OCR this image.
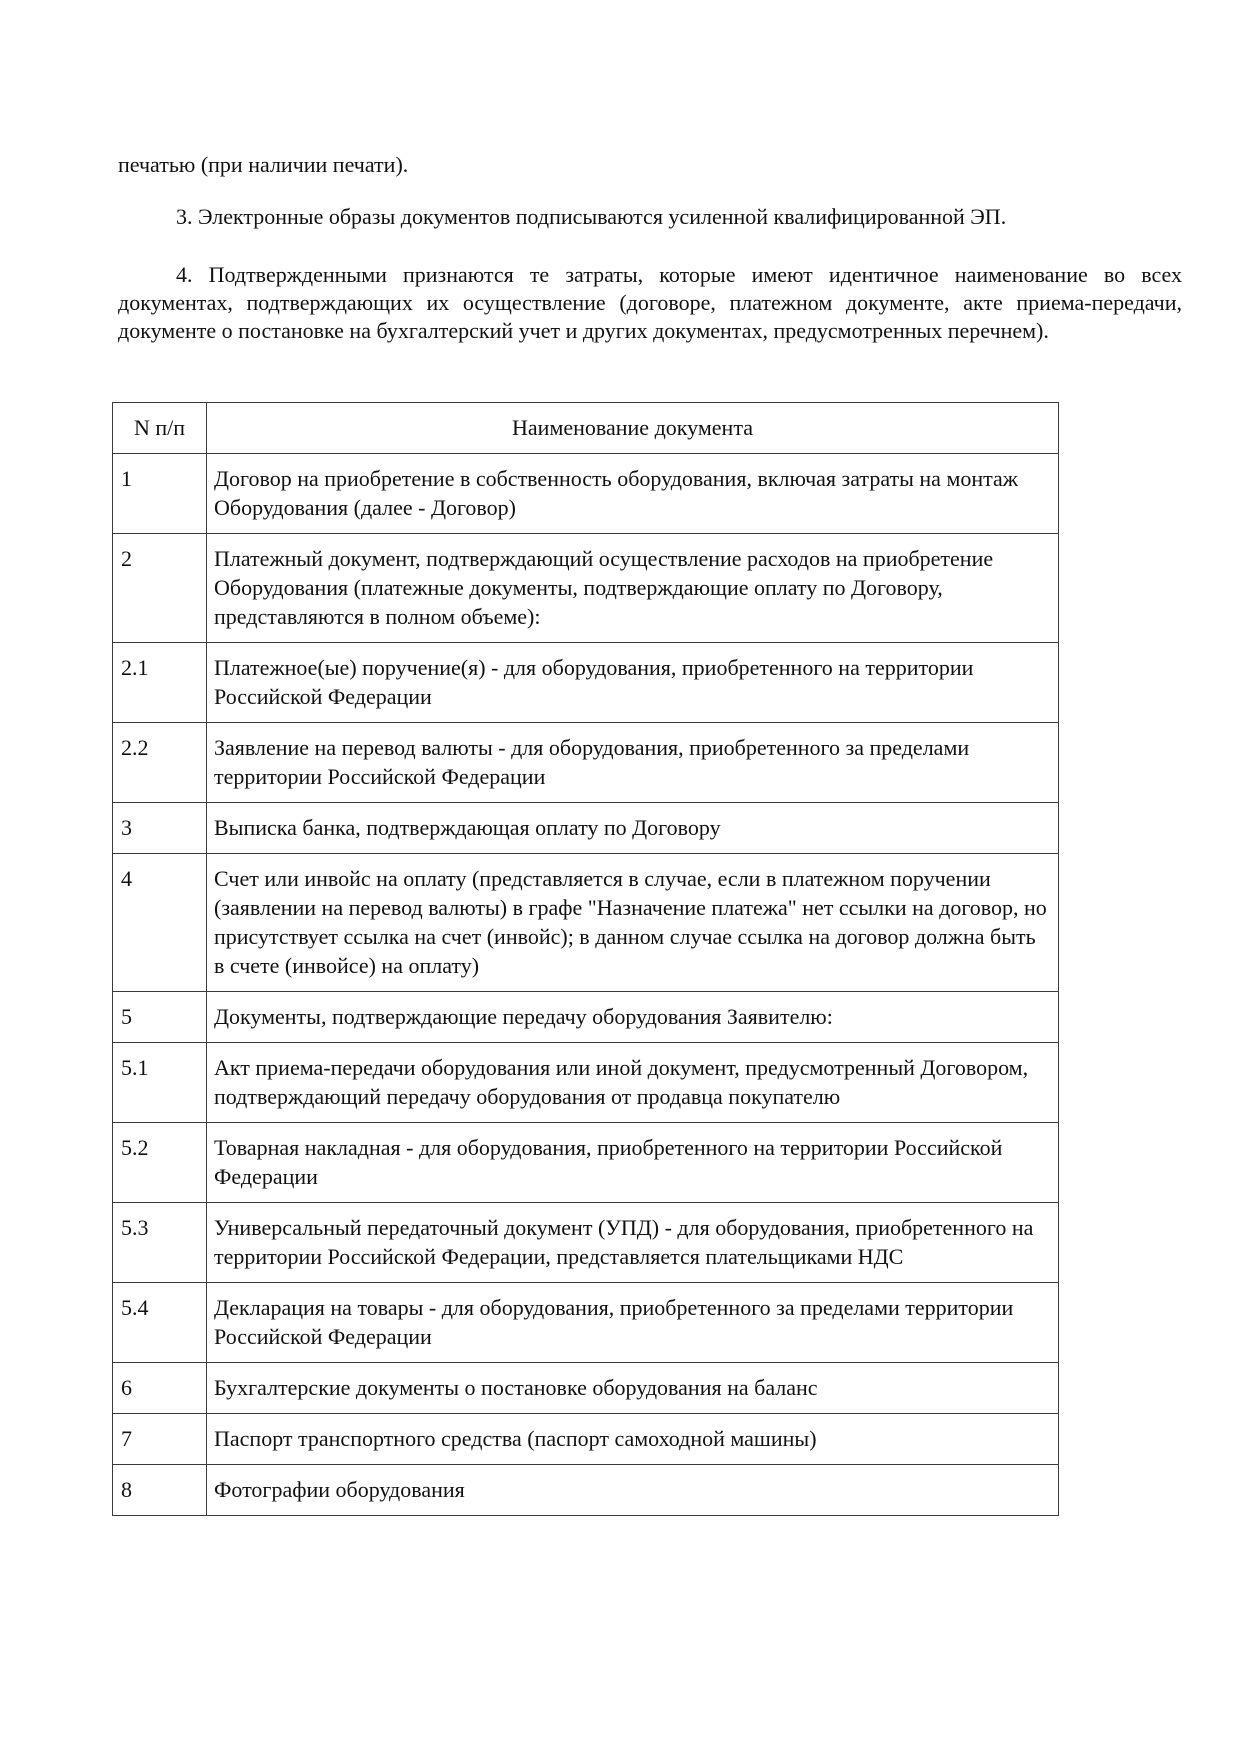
печатью (при наличии печати).

3. Электронные образы документов подписываются усиленной квалифицированной ЭП.

4. Подтвержденными признаются те затраты, которые имеют идентичное наименование во всех документах, подтверждающих их осуществление (договоре, платежном документе, акте приема-передачи, документе о постановке на бухгалтерский учет и других документах, предусмотренных перечнем).

N п/п	Наименование документа
1	Договор на приобретение в собственность оборудования, включая затраты на монтаж Оборудования (далее - Договор)
2	Платежный документ, подтверждающий осуществление расходов на приобретение Оборудования (платежные документы, подтверждающие оплату по Договору, представляются в полном объеме):
2.1	Платежное(ые) поручение(я) - для оборудования, приобретенного на территории Российской Федерации
2.2	Заявление на перевод валюты - для оборудования, приобретенного за пределами территории Российской Федерации
3	Выписка банка, подтверждающая оплату по Договору
4	Счет или инвойс на оплату (представляется в случае, если в платежном поручении (заявлении на перевод валюты) в графе "Назначение платежа" нет ссылки на договор, но присутствует ссылка на счет (инвойс); в данном случае ссылка на договор должна быть в счете (инвойсе) на оплату)
5	Документы, подтверждающие передачу оборудования Заявителю:
5.1	Акт приема-передачи оборудования или иной документ, предусмотренный Договором, подтверждающий передачу оборудования от продавца покупателю
5.2	Товарная накладная - для оборудования, приобретенного на территории Российской Федерации
5.3	Универсальный передаточный документ (УПД) - для оборудования, приобретенного на территории Российской Федерации, представляется плательщиками НДС
5.4	Декларация на товары - для оборудования, приобретенного за пределами территории Российской Федерации
6	Бухгалтерские документы о постановке оборудования на баланс
7	Паспорт транспортного средства (паспорт самоходной машины)
8	Фотографии оборудования
